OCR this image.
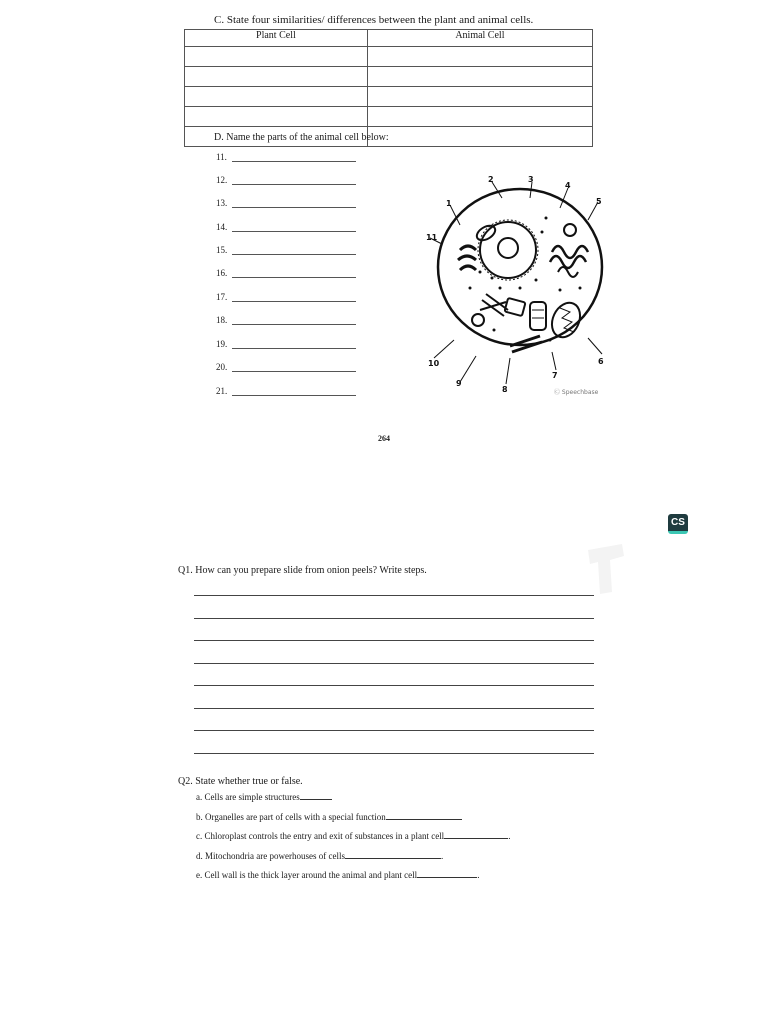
C. State four similarities/ differences between the plant and animal cells.
Plant Cell	Animal Cell

D. Name the parts of the animal cell below:
11.
12.
13.
14.
15.
16.
17.
18.
19.
20.
21.
1
2	3
4
5
6
7
8
9
10
11
Ⓒ Speechbase
264
CS
Q1. How can you prepare slide from onion peels? Write steps.
Q2. State whether true or false.
a. Cells are simple structures
b. Organelles are part of cells with a special function
c. Chloroplast controls the entry and exit of substances in a plant cell	.
d. Mitochondria are powerhouses of cells	.
e. Cell wall is the thick layer around the animal and plant cell	.
